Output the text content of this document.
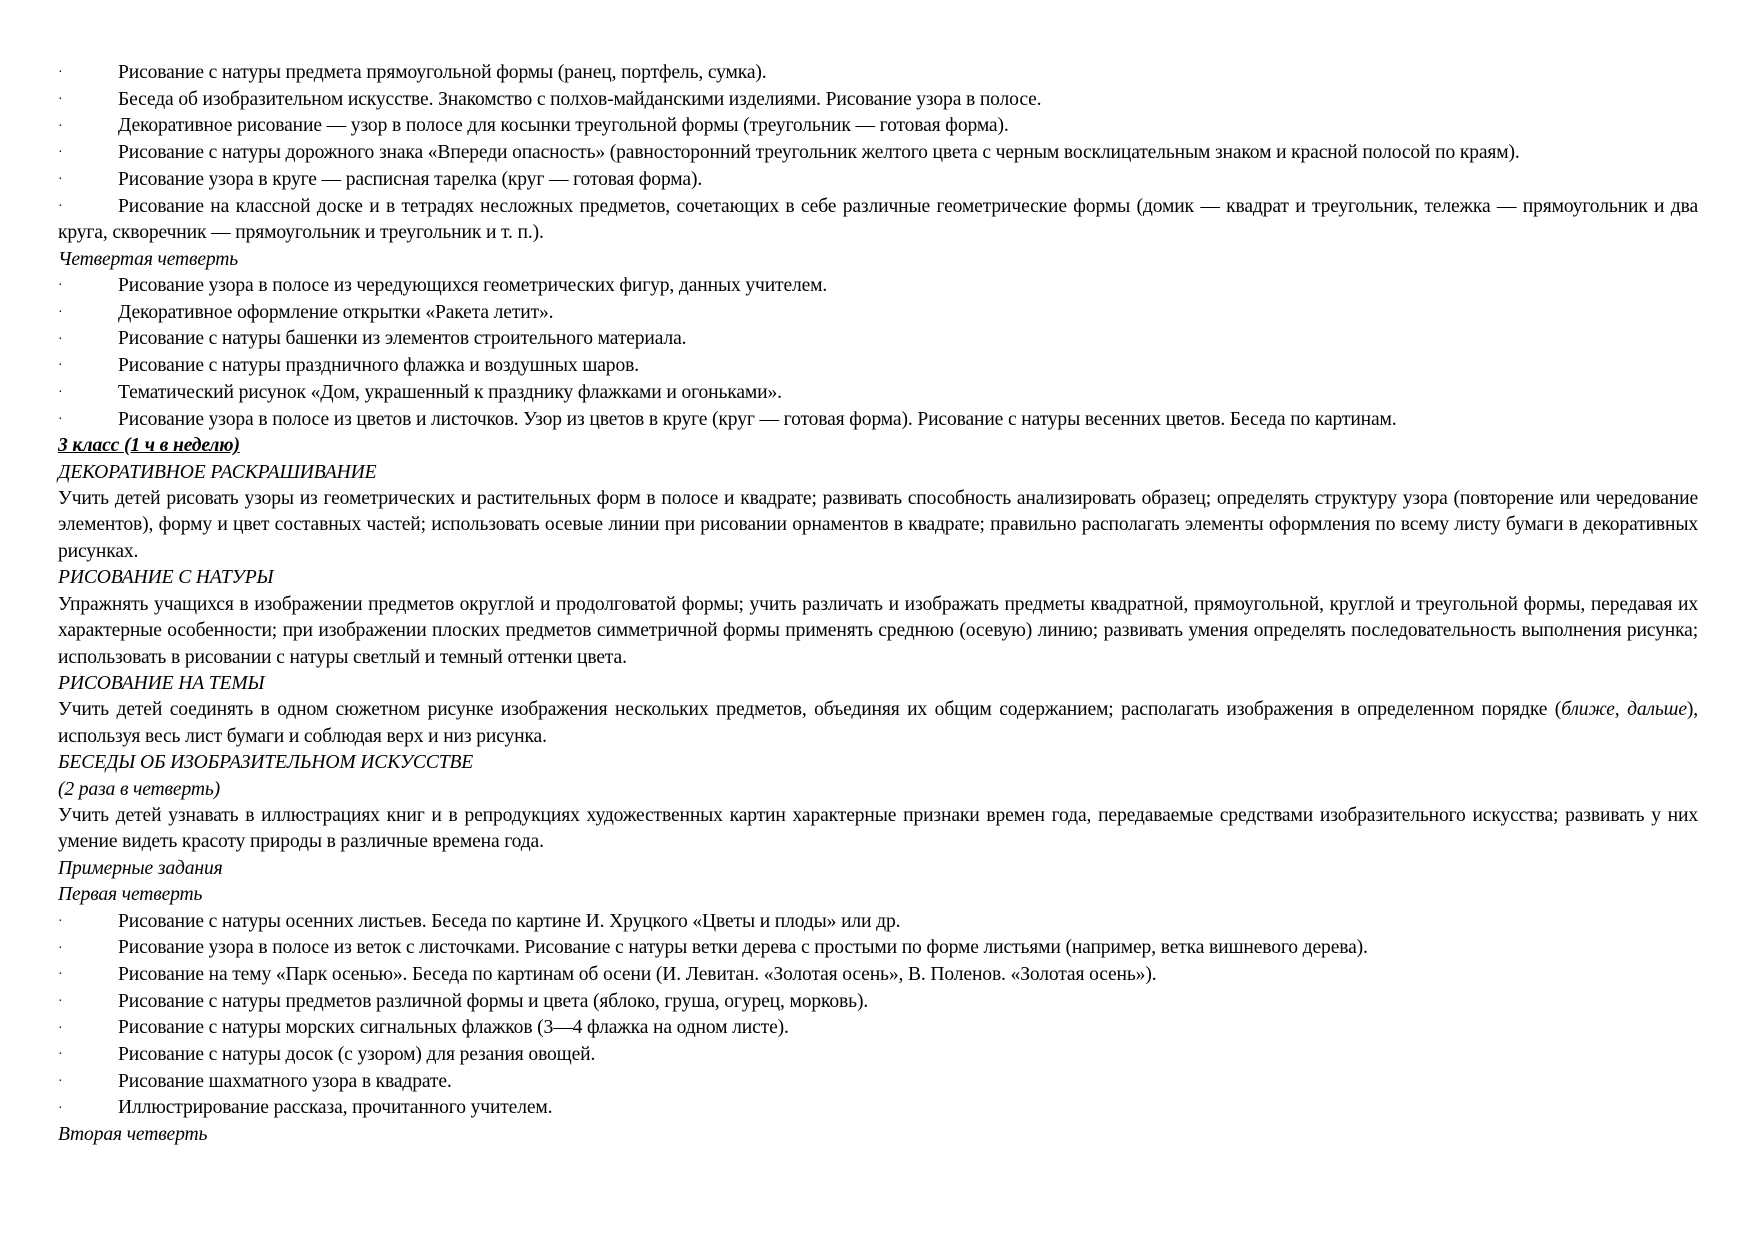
·	Рисование с натуры предмета прямоугольной формы (ранец, портфель, сумка).

·	Беседа об изобразительном искусстве. Знакомство с полхов-майданскими изделиями. Рисование узора в полосе.

·	Декоративное рисование — узор в полосе для косынки треугольной формы (треугольник — готовая форма).

·	Рисование с натуры дорожного знака «Впереди опасность» (равносторонний треугольник желтого цвета с черным восклицательным знаком и красной полосой по краям).

·	Рисование узора в круге — расписная тарелка (круг — готовая форма).

·	Рисование на классной доске и в тетрадях несложных предметов, сочетающих в себе различные геометрические формы (домик — квадрат и треугольник, тележка — прямоугольник и два круга, скворечник — прямоугольник и треугольник и т. п.).

Четвертая четверть

·	Рисование узора в полосе из чередующихся геометрических фигур, данных учителем.

·	Декоративное оформление открытки «Ракета летит».

·	Рисование с натуры башенки из элементов строительного материала.

·	Рисование с натуры праздничного флажка и воздушных шаров.

·	Тематический рисунок «Дом, украшенный к празднику флажками и огоньками».

·	Рисование узора в полосе из цветов и листочков. Узор из цветов в круге (круг — готовая форма). Рисование с натуры весенних цветов. Беседа по картинам.

3 класс (1 ч в неделю)

ДЕКОРАТИВНОЕ РАСКРАШИВАНИЕ

Учить детей рисовать узоры из геометрических и растительных форм в полосе и квадрате; развивать способность анализировать образец; определять структуру узора (повторение или чередование элементов), форму и цвет составных частей; использовать осевые линии при рисовании орнаментов в квадрате; правильно располагать элементы оформления по всему листу бумаги в декоративных рисунках.

РИСОВАНИЕ С НАТУРЫ

Упражнять учащихся в изображении предметов округлой и продолговатой формы; учить различать и изображать предметы квадратной, прямоугольной, круглой и треугольной формы, передавая их характерные особенности; при изображении плоских предметов симметричной формы применять среднюю (осевую) линию; развивать умения определять последовательность выполнения рисунка; использовать в рисовании с натуры светлый и темный оттенки цвета.

РИСОВАНИЕ НА ТЕМЫ

Учить детей соединять в одном сюжетном рисунке изображения нескольких предметов, объединяя их общим содержанием; располагать изображения в определенном порядке (ближе, дальше), используя весь лист бумаги и соблюдая верх и низ рисунка.

БЕСЕДЫ ОБ ИЗОБРАЗИТЕЛЬНОМ ИСКУССТВЕ

(2 раза в четверть)

Учить детей узнавать в иллюстрациях книг и в репродукциях художественных картин характерные признаки времен года, передаваемые средствами изобразительного искусства; развивать у них умение видеть красоту природы в различные времена года.

Примерные задания

Первая четверть

·	Рисование с натуры осенних листьев. Беседа по картине И. Хруцкого «Цветы и плоды» или др.

·	Рисование узора в полосе из веток с листочками. Рисование с натуры ветки дерева с простыми по форме листьями (например, ветка вишневого дерева).

·	Рисование на тему «Парк осенью». Беседа по картинам об осени (И. Левитан. «Золотая осень», В. Поленов. «Золотая осень»).

·	Рисование с натуры предметов различной формы и цвета (яблоко, груша, огурец, морковь).

·	Рисование с натуры морских сигнальных флажков (3—4 флажка на одном листе).

·	Рисование с натуры досок (с узором) для резания овощей.

·	Рисование шахматного узора в квадрате.

·	Иллюстрирование рассказа, прочитанного учителем.

Вторая четверть
